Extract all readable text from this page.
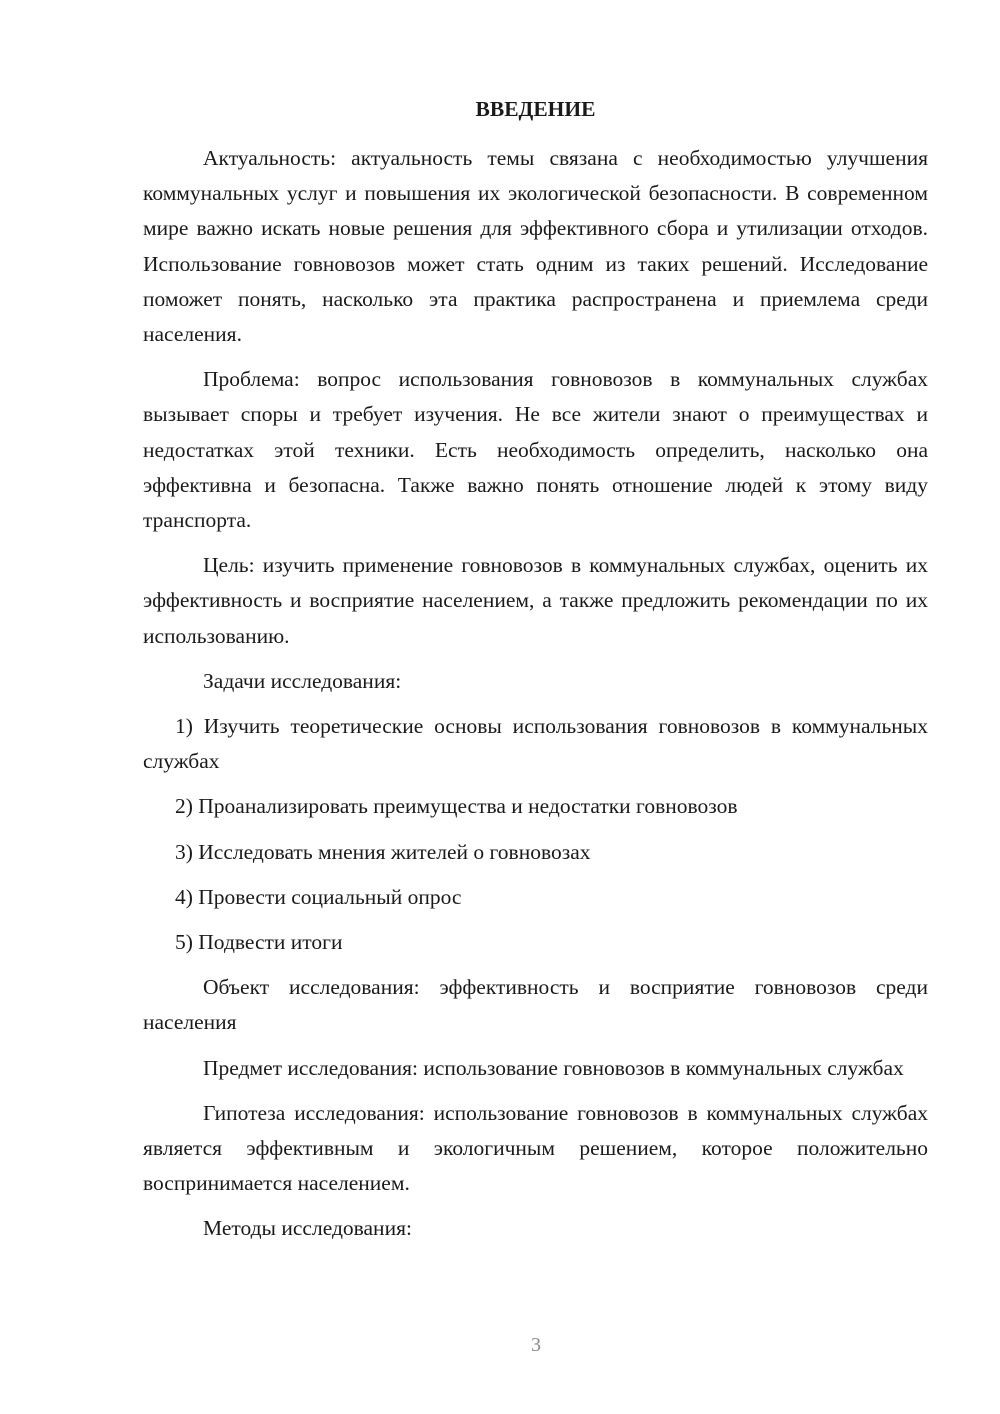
ВВЕДЕНИЕ

Актуальность: актуальность темы связана с необходимостью улучшения коммунальных услуг и повышения их экологической безопасности. В современном мире важно искать новые решения для эффективного сбора и утилизации отходов. Использование говновозов может стать одним из таких решений. Исследование поможет понять, насколько эта практика распространена и приемлема среди населения.

Проблема: вопрос использования говновозов в коммунальных службах вызывает споры и требует изучения. Не все жители знают о преимуществах и недостатках этой техники. Есть необходимость определить, насколько она эффективна и безопасна. Также важно понять отношение людей к этому виду транспорта.

Цель: изучить применение говновозов в коммунальных службах, оценить их эффективность и восприятие населением, а также предложить рекомендации по их использованию.

Задачи исследования:

1) Изучить теоретические основы использования говновозов в коммунальных службах

2) Проанализировать преимущества и недостатки говновозов

3) Исследовать мнения жителей о говновозах

4) Провести социальный опрос

5) Подвести итоги

Объект исследования: эффективность и восприятие говновозов среди населения

Предмет исследования: использование говновозов в коммунальных службах

Гипотеза исследования: использование говновозов в коммунальных службах является эффективным и экологичным решением, которое положительно воспринимается населением.

Методы исследования:

3
